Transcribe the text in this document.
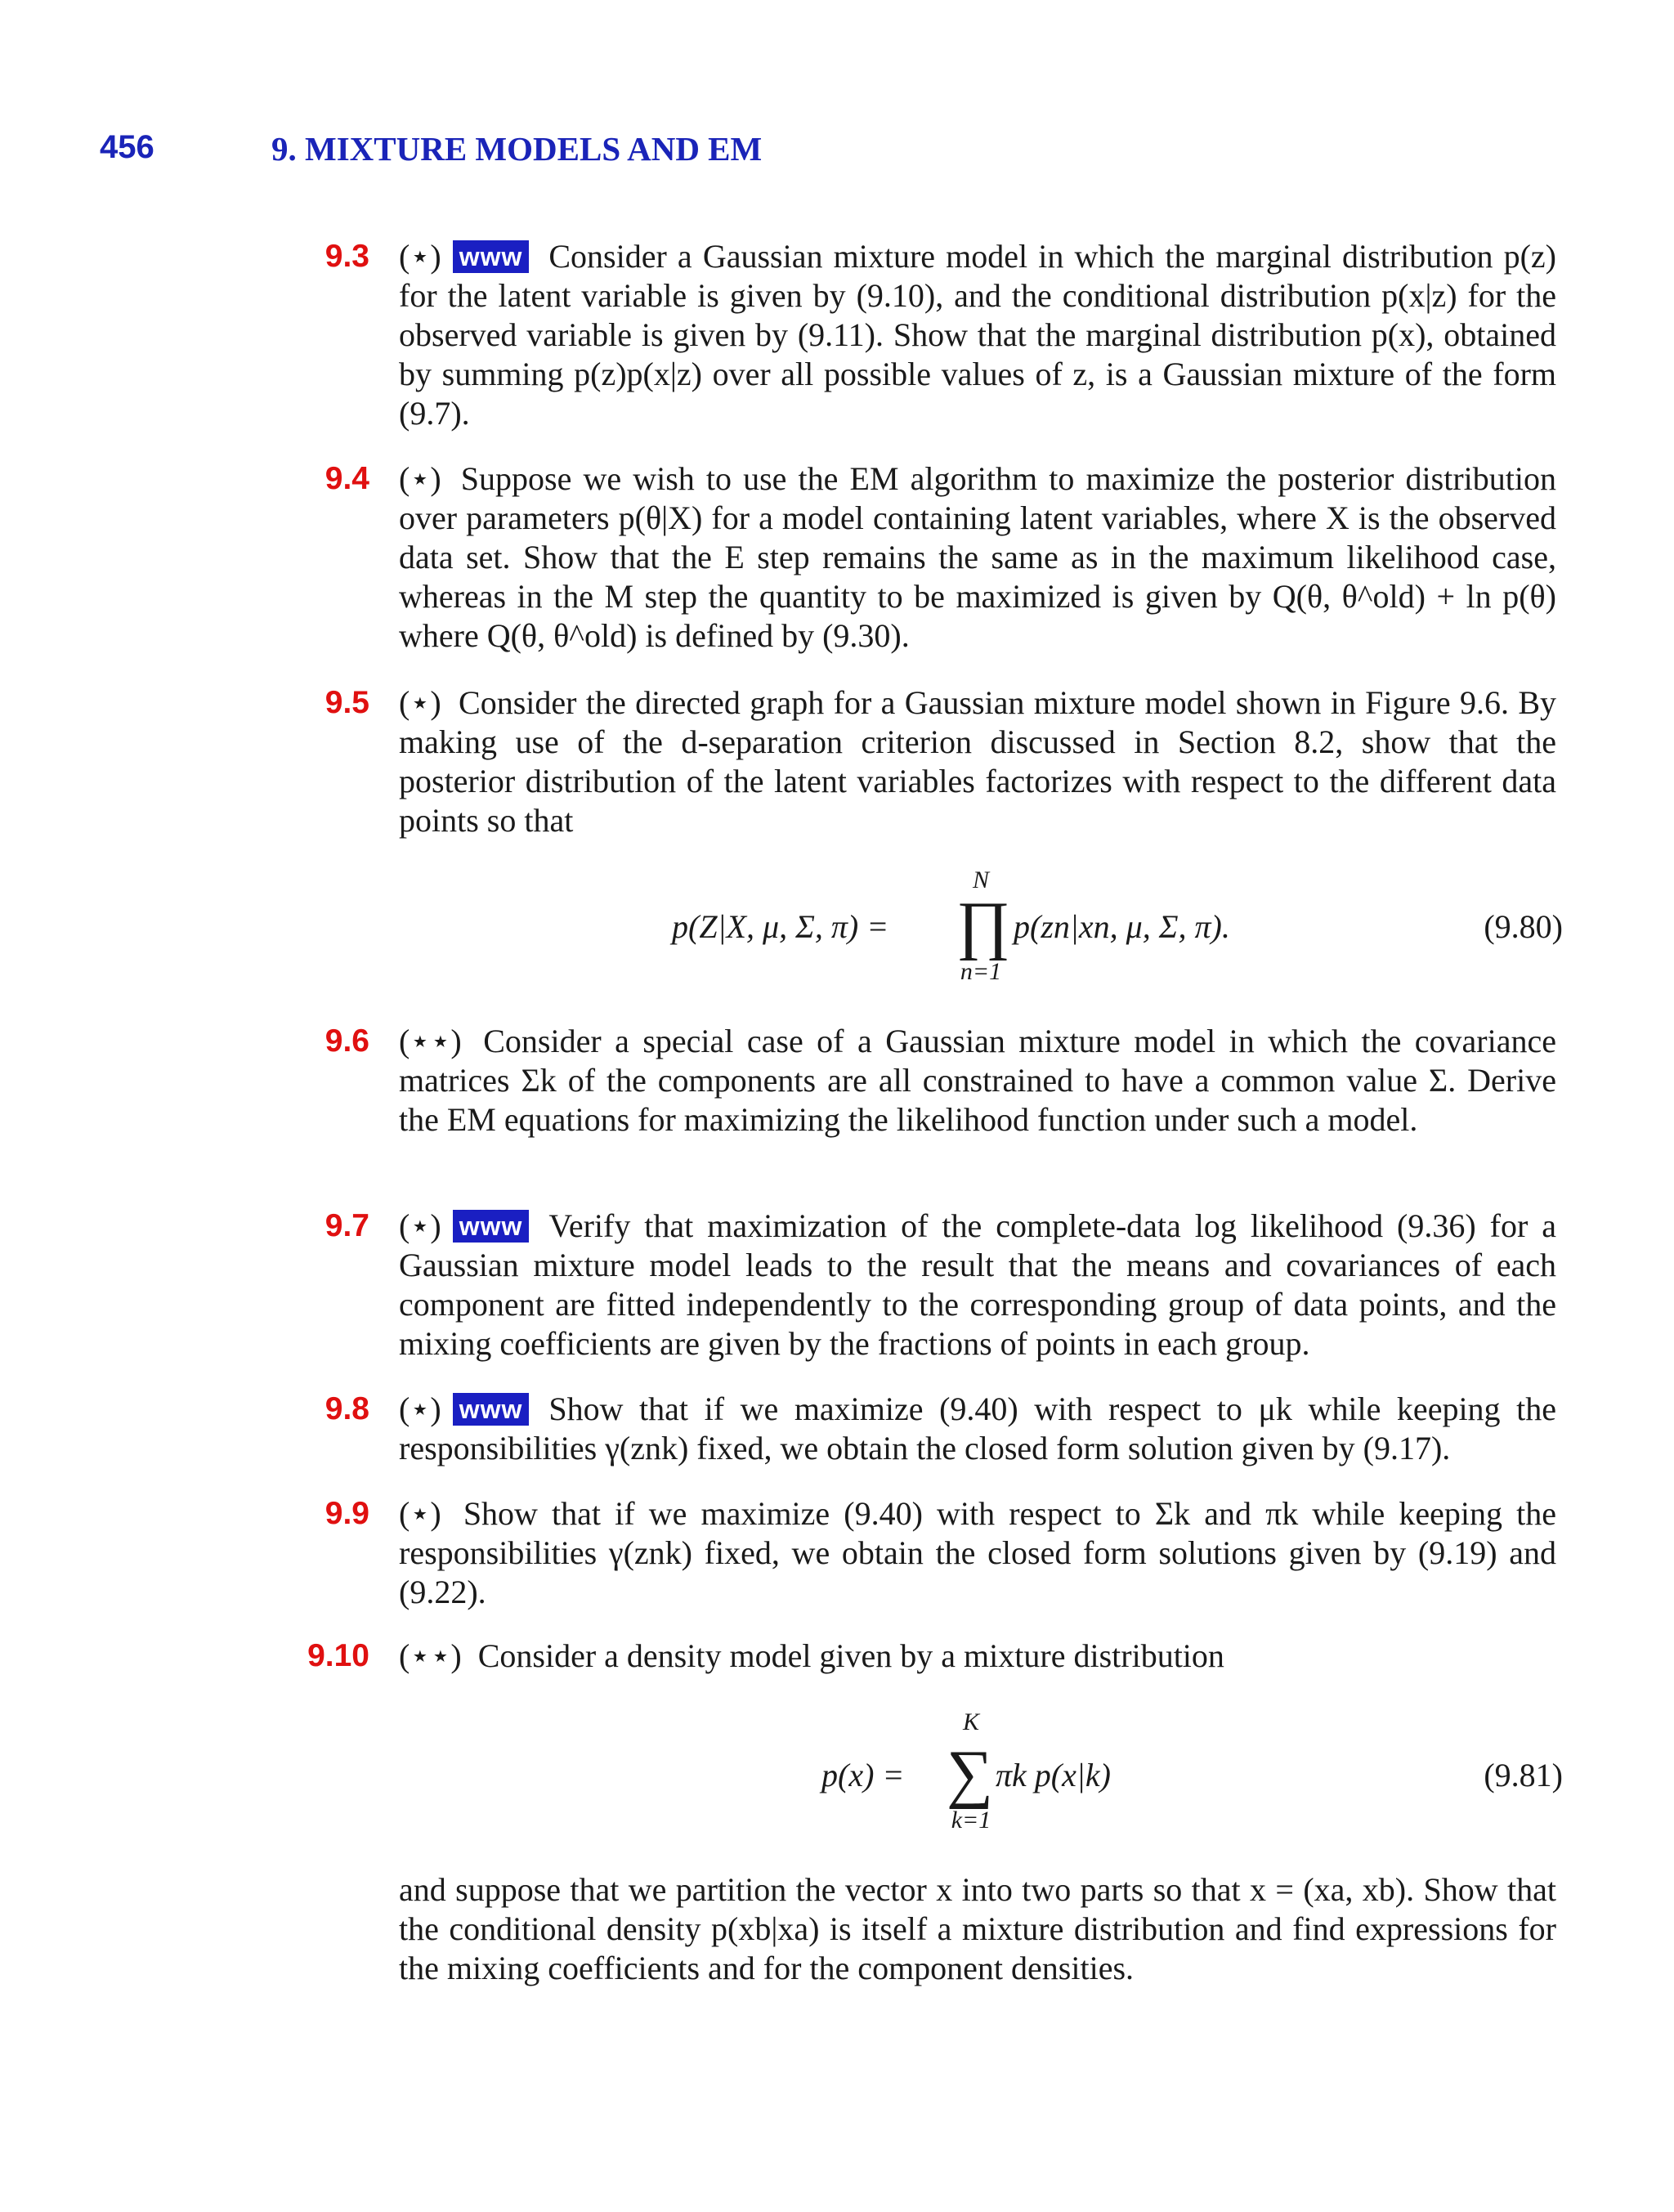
456	9. MIXTURE MODELS AND EM
9.3 (⋆) www Consider a Gaussian mixture model in which the marginal distribution p(z) for the latent variable is given by (9.10), and the conditional distribution p(x|z) for the observed variable is given by (9.11). Show that the marginal distribution p(x), obtained by summing p(z)p(x|z) over all possible values of z, is a Gaussian mixture of the form (9.7).
9.4 (⋆) Suppose we wish to use the EM algorithm to maximize the posterior distribution over parameters p(θ|X) for a model containing latent variables, where X is the observed data set. Show that the E step remains the same as in the maximum likelihood case, whereas in the M step the quantity to be maximized is given by Q(θ, θ^old) + ln p(θ) where Q(θ, θ^old) is defined by (9.30).
9.5 (⋆) Consider the directed graph for a Gaussian mixture model shown in Figure 9.6. By making use of the d-separation criterion discussed in Section 8.2, show that the posterior distribution of the latent variables factorizes with respect to the different data points so that
p(Z|X, μ, Σ, π) =
N
∏
n=1
p(zn|xn, μ, Σ, π).	(9.80)
9.6 (⋆⋆) Consider a special case of a Gaussian mixture model in which the covariance matrices Σk of the components are all constrained to have a common value Σ. Derive the EM equations for maximizing the likelihood function under such a model.
9.7 (⋆) www Verify that maximization of the complete-data log likelihood (9.36) for a Gaussian mixture model leads to the result that the means and covariances of each component are fitted independently to the corresponding group of data points, and the mixing coefficients are given by the fractions of points in each group.
9.8 (⋆) www Show that if we maximize (9.40) with respect to μk while keeping the responsibilities γ(znk) fixed, we obtain the closed form solution given by (9.17).
9.9 (⋆) Show that if we maximize (9.40) with respect to Σk and πk while keeping the responsibilities γ(znk) fixed, we obtain the closed form solutions given by (9.19) and (9.22).
9.10 (⋆⋆) Consider a density model given by a mixture distribution
p(x) =
K
∑
k=1
πk p(x|k)	(9.81)
and suppose that we partition the vector x into two parts so that x = (xa, xb). Show that the conditional density p(xb|xa) is itself a mixture distribution and find expressions for the mixing coefficients and for the component densities.
